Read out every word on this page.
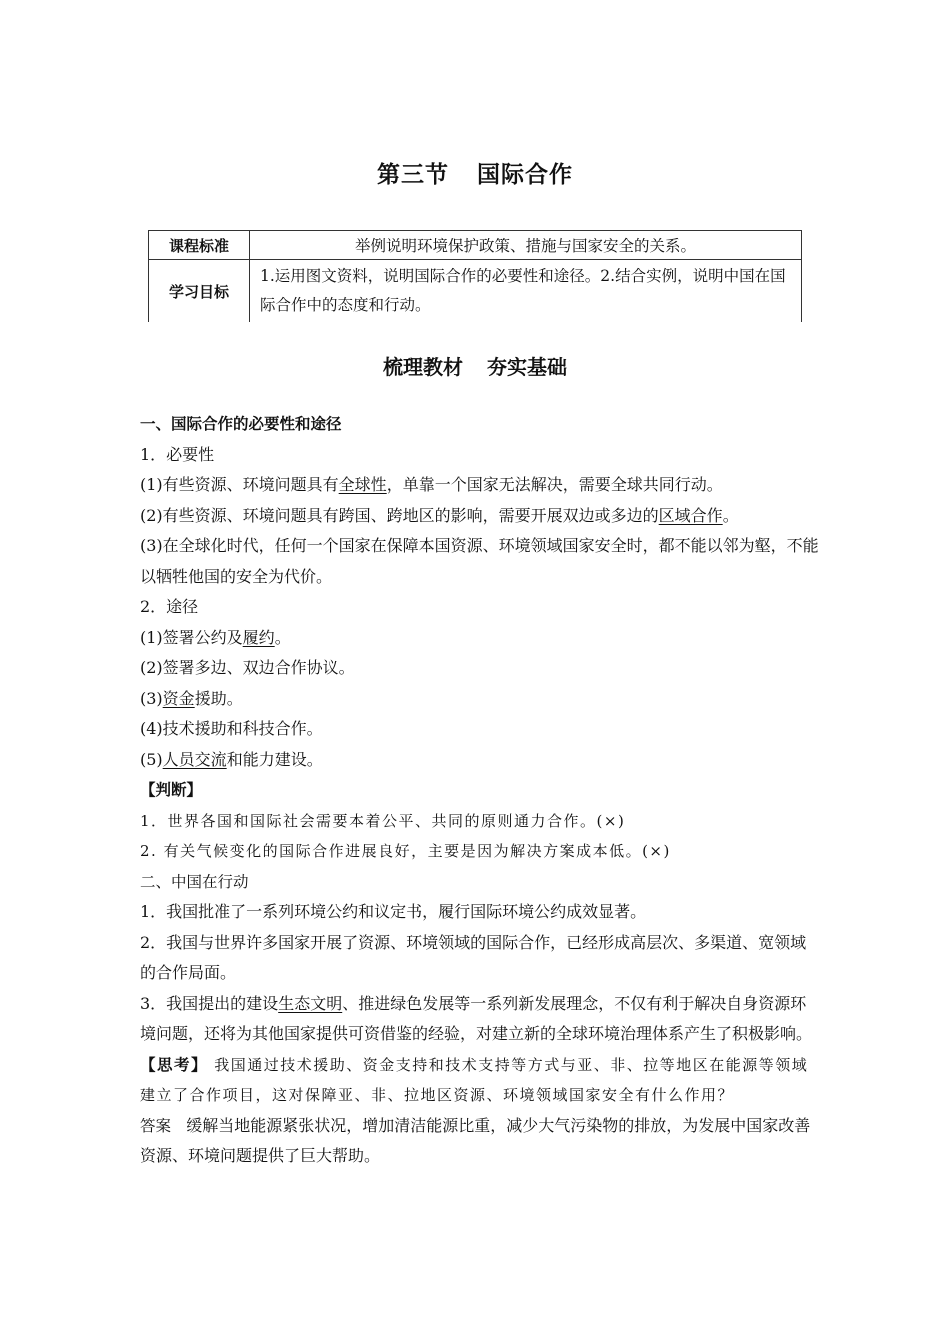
第三节 国际合作
课程标准	举例说明环境保护政策、措施与国家安全的关系。
学习目标	1.运用图文资料，说明国际合作的必要性和途径。2.结合实例，说明中国在国际合作中的态度和行动。
梳理教材 夯实基础

一、国际合作的必要性和途径

1．必要性

(1)有些资源、环境问题具有全球性，单靠一个国家无法解决，需要全球共同行动。

(2)有些资源、环境问题具有跨国、跨地区的影响，需要开展双边或多边的区域合作。

(3)在全球化时代，任何一个国家在保障本国资源、环境领域国家安全时，都不能以邻为壑，不能以牺牲他国的安全为代价。

2．途径

(1)签署公约及履约。

(2)签署多边、双边合作协议。

(3)资金援助。

(4)技术援助和科技合作。

(5)人员交流和能力建设。

【判断】

1．世界各国和国际社会需要本着公平、共同的原则通力合作。(×)

2. 有关气候变化的国际合作进展良好，主要是因为解决方案成本低。(×)

二、中国在行动

1．我国批准了一系列环境公约和议定书，履行国际环境公约成效显著。

2．我国与世界许多国家开展了资源、环境领域的国际合作，已经形成高层次、多渠道、宽领域的合作局面。

3．我国提出的建设生态文明、推进绿色发展等一系列新发展理念，不仅有利于解决自身资源环境问题，还将为其他国家提供可资借鉴的经验，对建立新的全球环境治理体系产生了积极影响。

【思考】 我国通过技术援助、资金支持和技术支持等方式与亚、非、拉等地区在能源等领域建立了合作项目，这对保障亚、非、拉地区资源、环境领域国家安全有什么作用？

答案 缓解当地能源紧张状况，增加清洁能源比重，减少大气污染物的排放，为发展中国家改善资源、环境问题提供了巨大帮助。
